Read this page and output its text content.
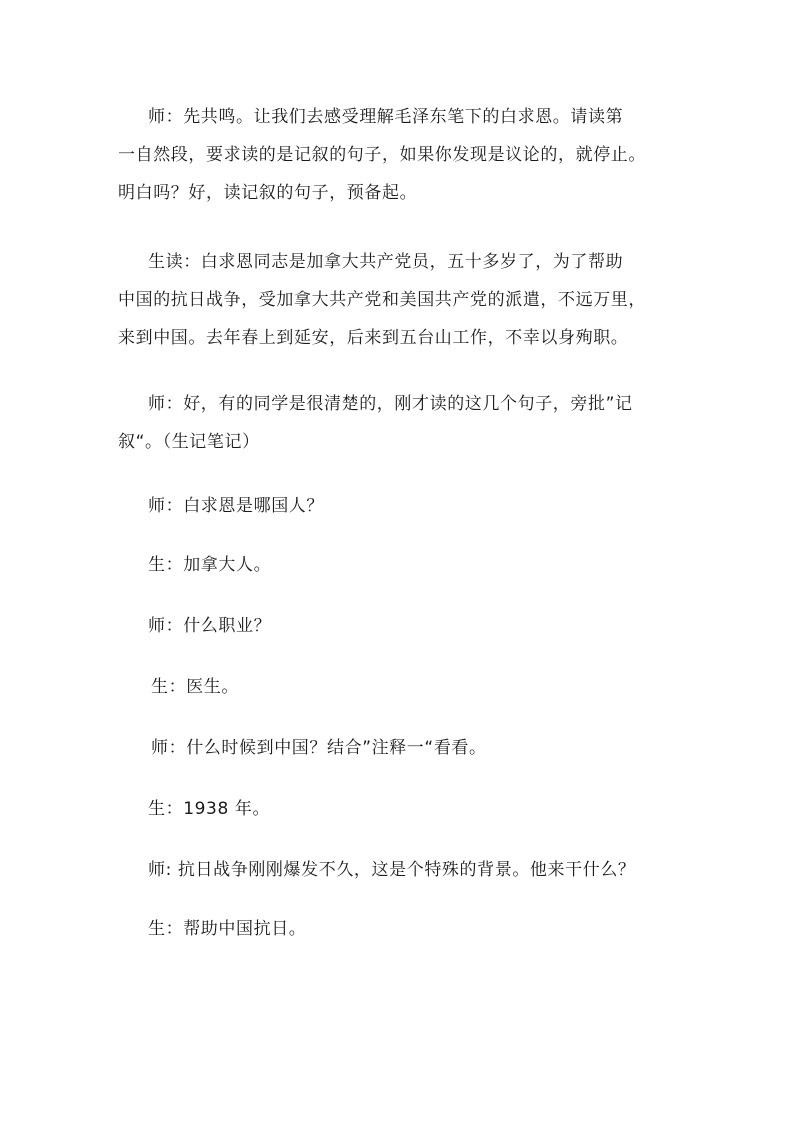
师：先共鸣。让我们去感受理解毛泽东笔下的白求恩。请读第
一自然段，要求读的是记叙的句子，如果你发现是议论的，就停止。
明白吗？好，读记叙的句子，预备起。

生读：白求恩同志是加拿大共产党员，五十多岁了，为了帮助
中国的抗日战争，受加拿大共产党和美国共产党的派遣，不远万里，
来到中国。去年春上到延安，后来到五台山工作，不幸以身殉职。

师：好，有的同学是很清楚的，刚才读的这几个句子，旁批”记
叙“。（生记笔记）

师：白求恩是哪国人？

生：加拿大人。

师：什么职业？

生：医生。

师：什么时候到中国？结合”注释一“看看。

生：1938 年。

师: 抗日战争刚刚爆发不久，这是个特殊的背景。他来干什么？

生：帮助中国抗日。
